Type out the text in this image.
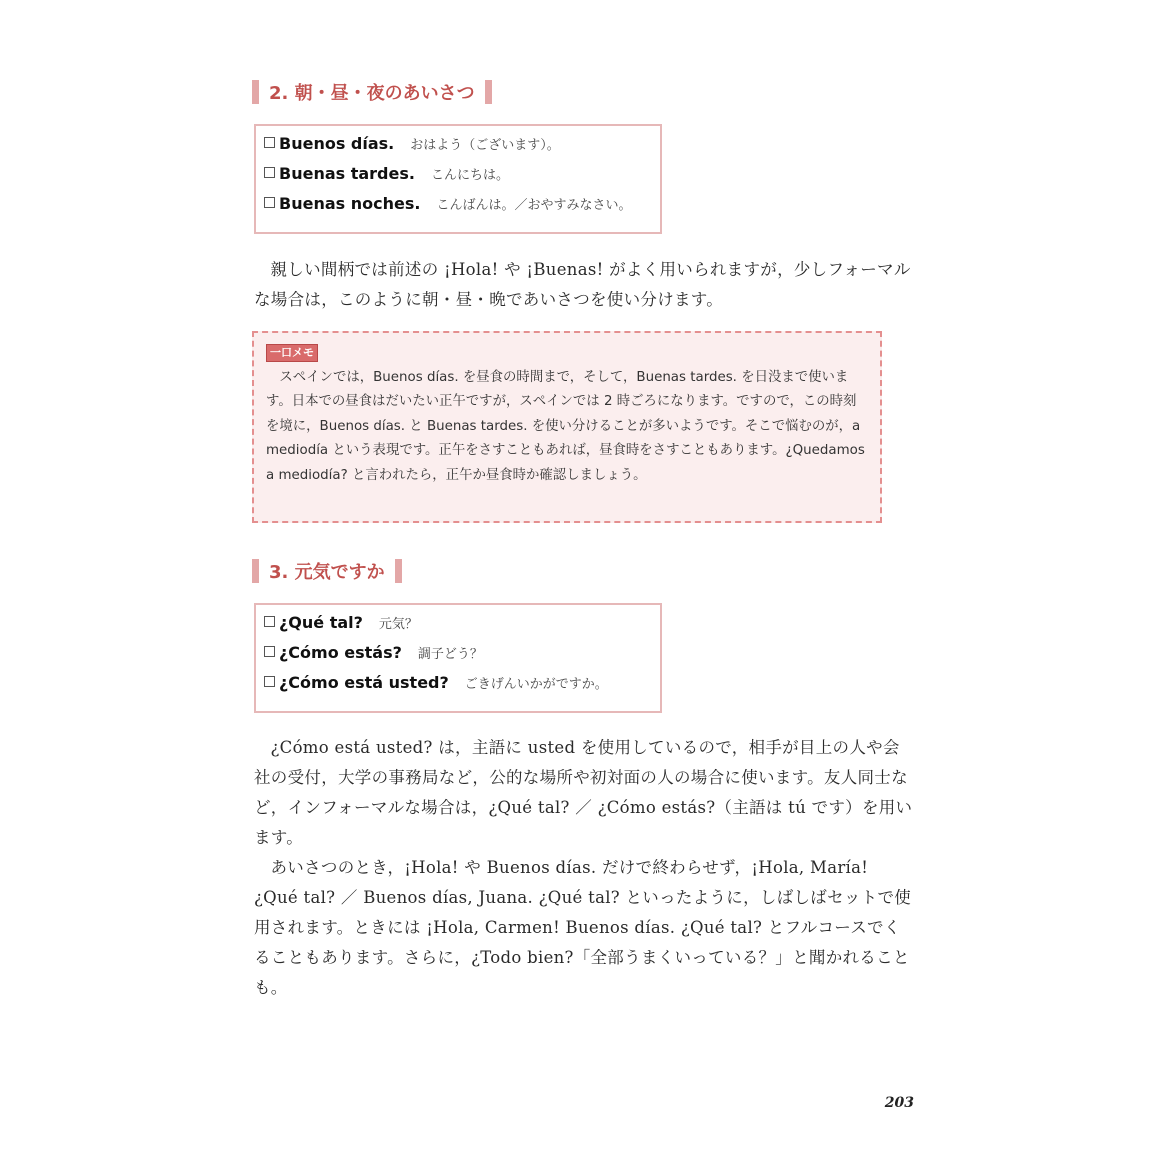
2. 朝・昼・夜のあいさつ
Buenos días. おはよう（ございます）。
Buenas tardes. こんにちは。
Buenas noches. こんばんは。／おやすみなさい。

親しい間柄では前述の ¡Hola! や ¡Buenas! がよく用いられますが，少しフォーマルな場合は，このように朝・昼・晩であいさつを使い分けます。

一口メモ

スペインでは，Buenos días. を昼食の時間まで，そして，Buenas tardes. を日没まで使います。日本での昼食はだいたい正午ですが，スペインでは 2 時ごろになります。ですので，この時刻を境に，Buenos días. と Buenas tardes. を使い分けることが多いようです。そこで悩むのが，a mediodía という表現です。正午をさすこともあれば，昼食時をさすこともあります。¿Quedamos a mediodía? と言われたら，正午か昼食時か確認しましょう。

3. 元気ですか
¿Qué tal? 元気？
¿Cómo estás? 調子どう？
¿Cómo está usted? ごきげんいかがですか。

¿Cómo está usted? は，主語に usted を使用しているので，相手が目上の人や会社の受付，大学の事務局など，公的な場所や初対面の人の場合に使います。友人同士など，インフォーマルな場合は，¿Qué tal? ／ ¿Cómo estás?（主語は tú です）を用います。

あいさつのとき，¡Hola! や Buenos días. だけで終わらせず，¡Hola, María! ¿Qué tal? ／ Buenos días, Juana. ¿Qué tal? といったように，しばしばセットで使用されます。ときには ¡Hola, Carmen! Buenos días. ¿Qué tal? とフルコースでくることもあります。さらに，¿Todo bien?「全部うまくいっている？」と聞かれることも。

203
